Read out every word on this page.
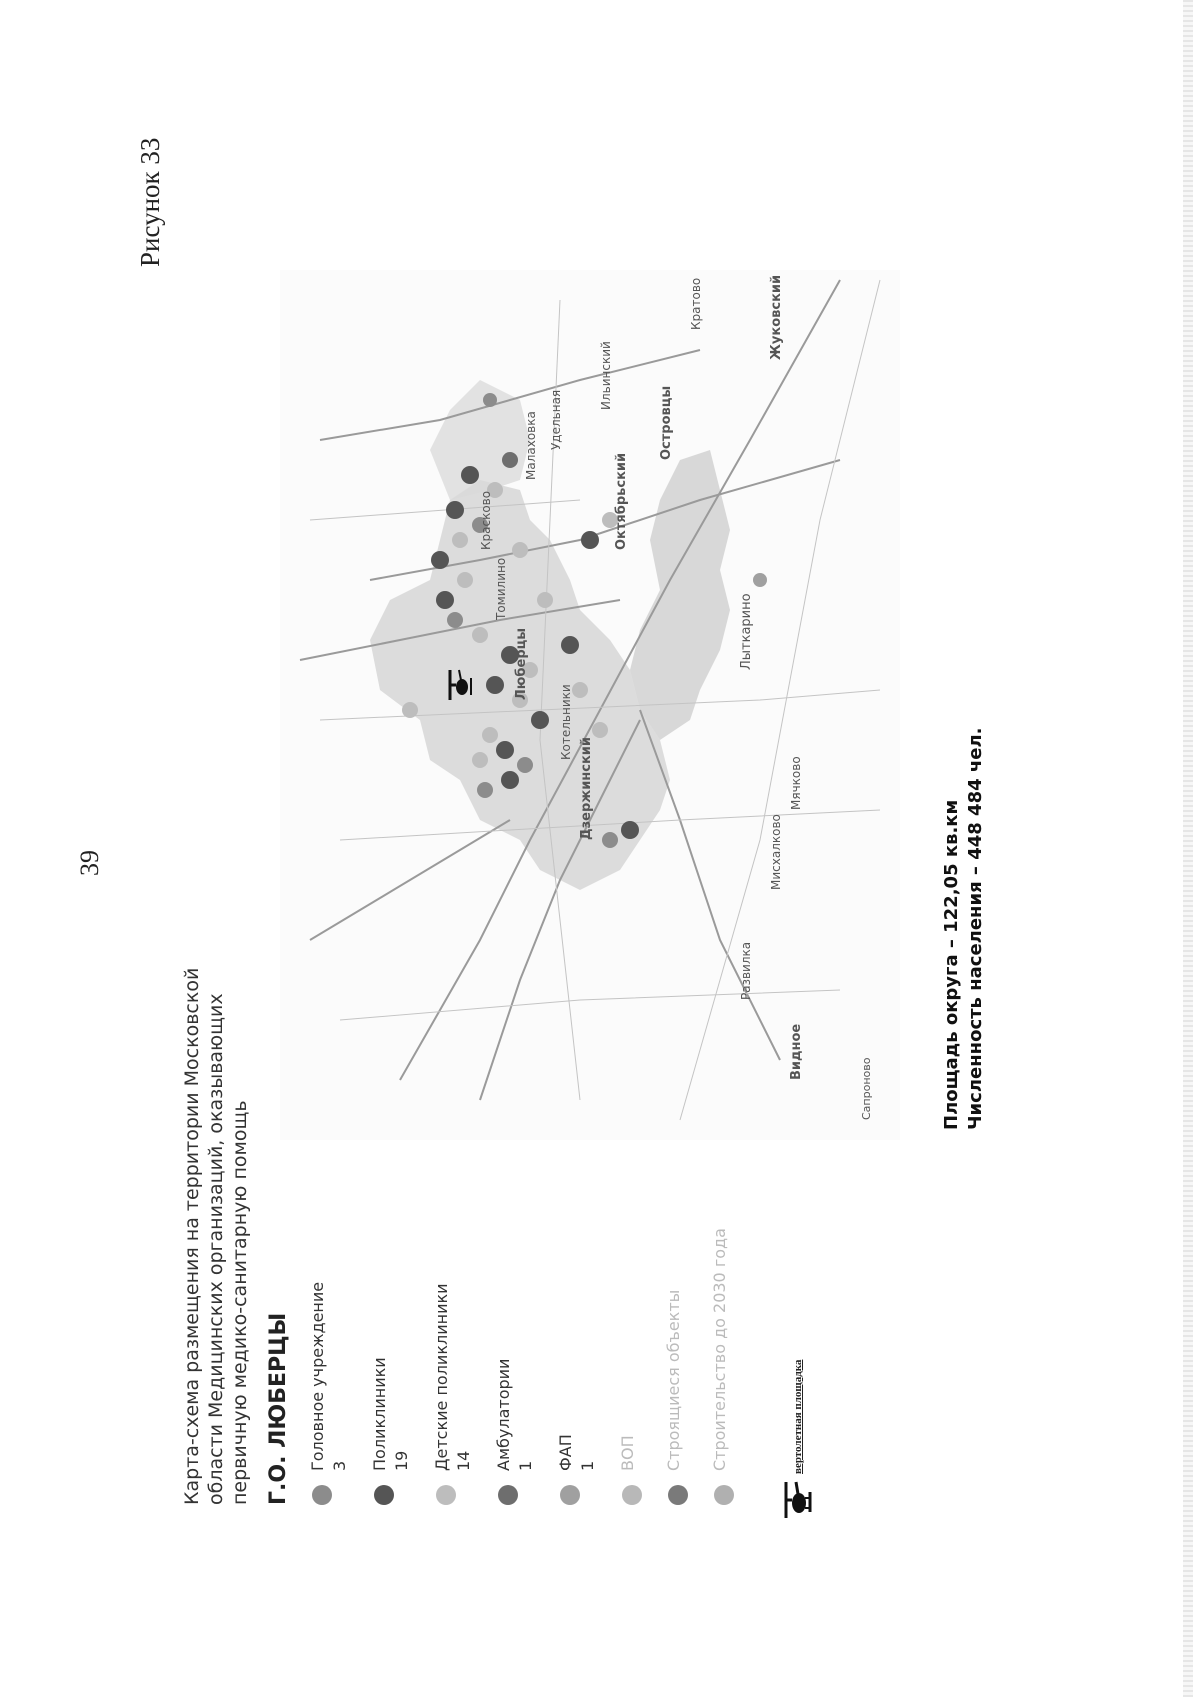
39
Рисунок 33
Карта-схема размещения на территории Московской области Медицинских организаций, оказывающих первичную медико-санитарную помощь Г.О. ЛЮБЕРЦЫ Головное учреждение 3 Поликлиники 19 Детские поликлиники 14 Амбулатории 1 ФАП 1 ВОП Строящиеся объекты Строительство до 2030 года	вертолетная площадка
Люберцы
Котельники
Дзержинский
Томилино
Красково
Малаховка
Октябрьский
Островцы
Жуковский
Видное
Развилка
Мячково
Лыткарино
Ильинский
Удельная
Кратово
Мисхалково
Сапроново	Площадь округа – 122,05 кв.км Численность населения – 448 484 чел.
